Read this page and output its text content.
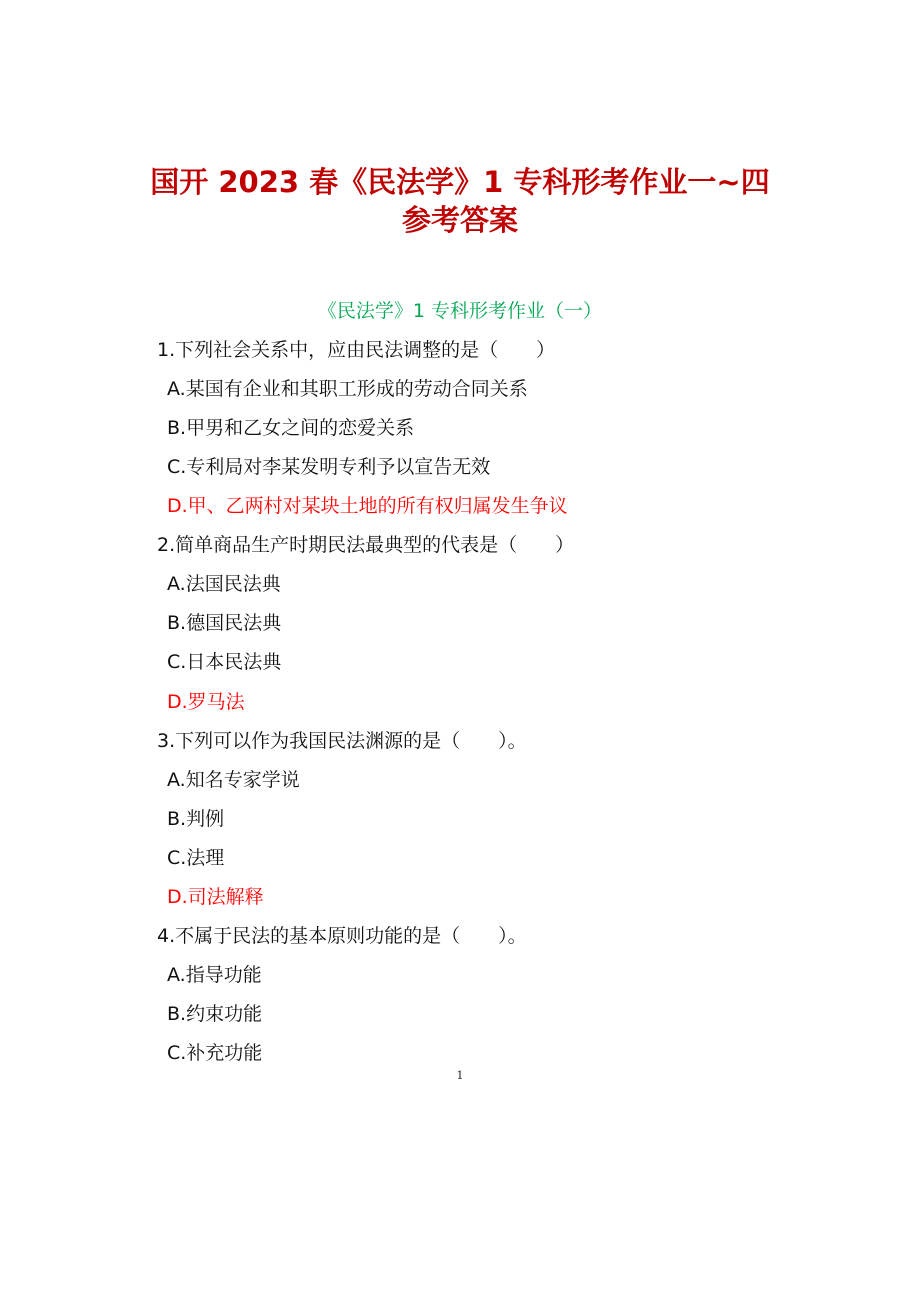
国开 2023 春《民法学》1 专科形考作业一~四
参考答案
《民法学》1 专科形考作业（一）
1.下列社会关系中，应由民法调整的是（　　）
A.某国有企业和其职工形成的劳动合同关系
B.甲男和乙女之间的恋爱关系
C.专利局对李某发明专利予以宣告无效
D.甲、乙两村对某块土地的所有权归属发生争议
2.简单商品生产时期民法最典型的代表是（　　）
A.法国民法典
B.德国民法典
C.日本民法典
D.罗马法
3.下列可以作为我国民法渊源的是（　　）。
A.知名专家学说
B.判例
C.法理
D.司法解释
4.不属于民法的基本原则功能的是（　　）。
A.指导功能
B.约束功能
C.补充功能
1
